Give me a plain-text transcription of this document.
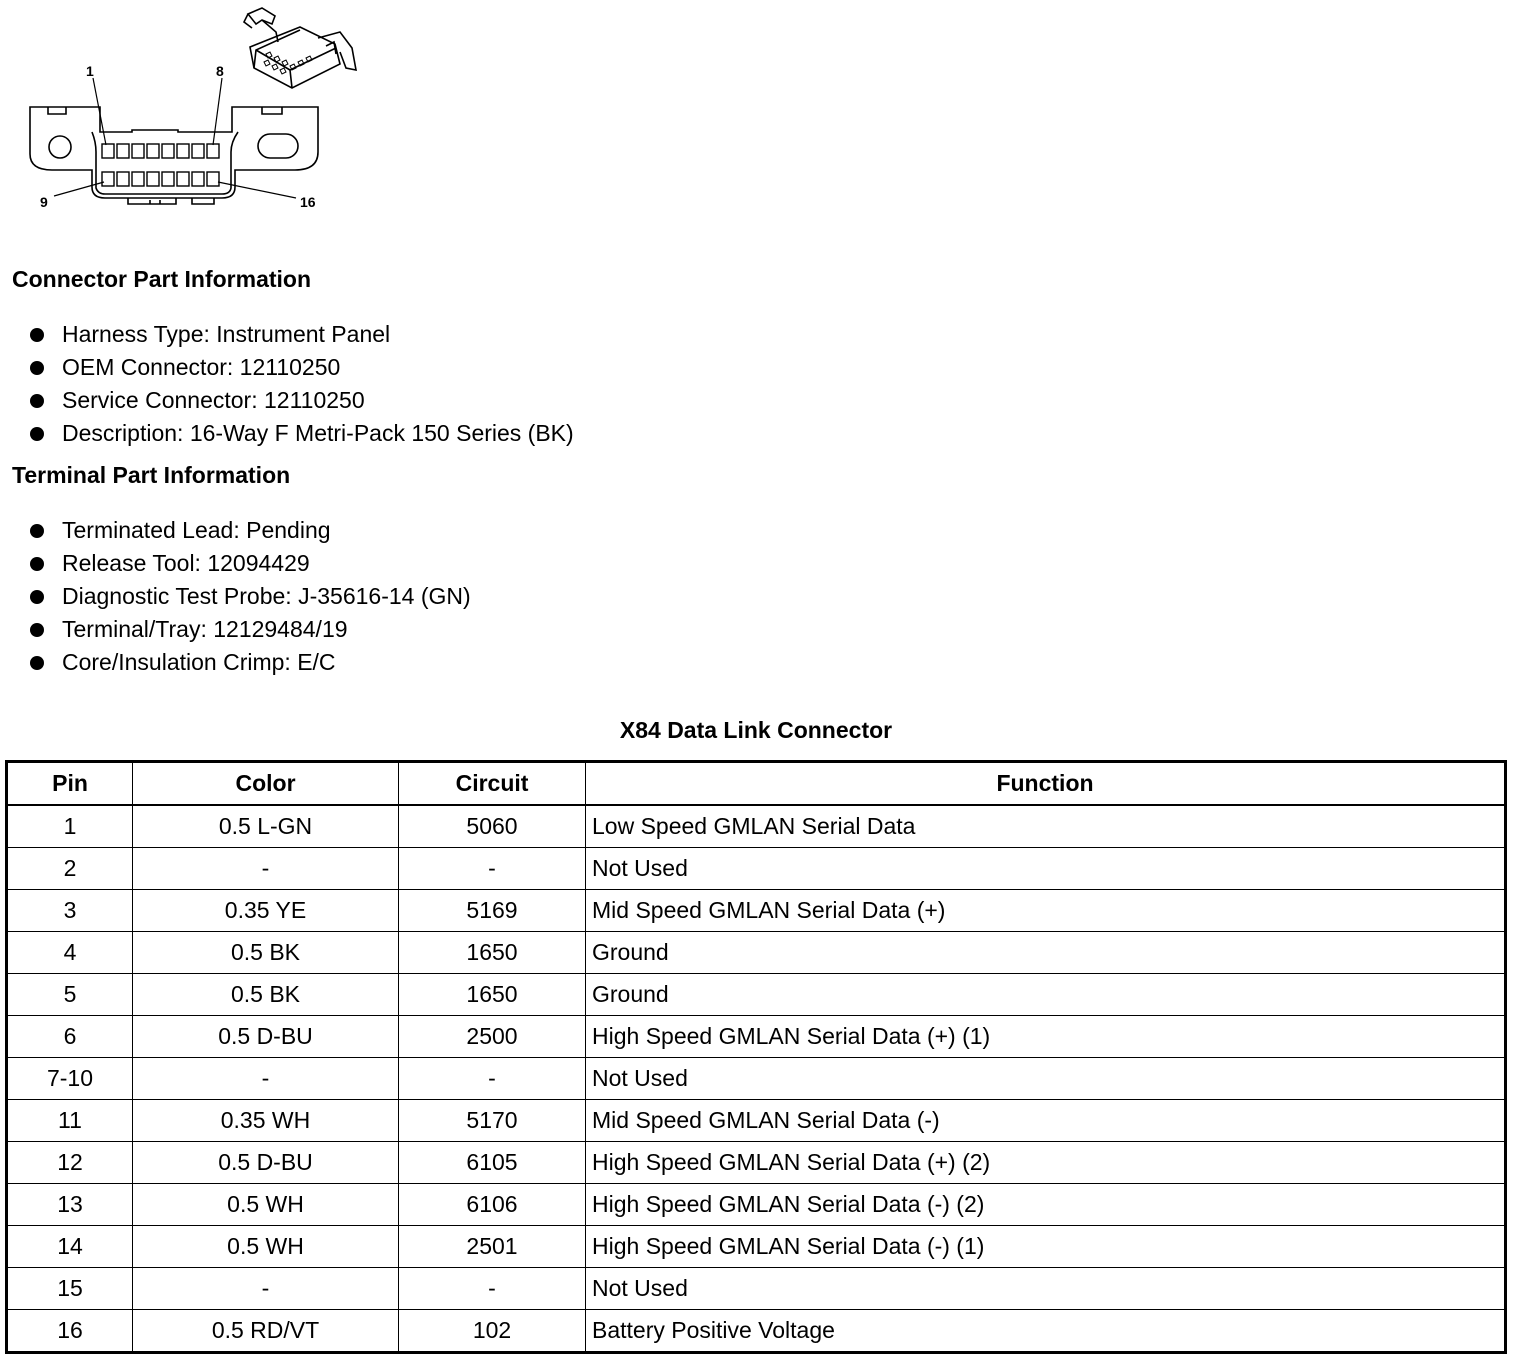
1	8
9	16
Connector Part Information
Harness Type: Instrument Panel
OEM Connector: 12110250
Service Connector: 12110250
Description: 16-Way F Metri-Pack 150 Series (BK)
Terminal Part Information
Terminated Lead: Pending
Release Tool: 12094429
Diagnostic Test Probe: J-35616-14 (GN)
Terminal/Tray: 12129484/19
Core/Insulation Crimp: E/C
X84 Data Link Connector
Pin	Color	Circuit	Function
1	0.5 L-GN	5060	Low Speed GMLAN Serial Data
2	-	-	Not Used
3	0.35 YE	5169	Mid Speed GMLAN Serial Data (+)
4	0.5 BK	1650	Ground
5	0.5 BK	1650	Ground
6	0.5 D-BU	2500	High Speed GMLAN Serial Data (+) (1)
7-10	-	-	Not Used
11	0.35 WH	5170	Mid Speed GMLAN Serial Data (-)
12	0.5 D-BU	6105	High Speed GMLAN Serial Data (+) (2)
13	0.5 WH	6106	High Speed GMLAN Serial Data (-) (2)
14	0.5 WH	2501	High Speed GMLAN Serial Data (-) (1)
15	-	-	Not Used
16	0.5 RD/VT	102	Battery Positive Voltage
